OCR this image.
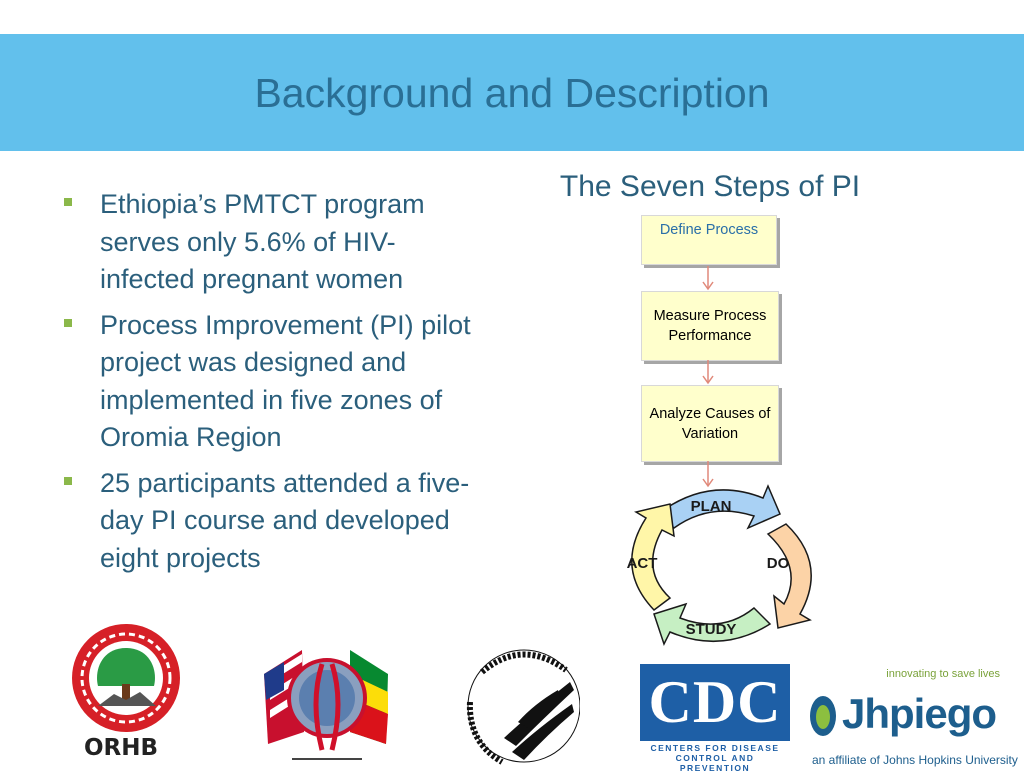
Background and Description
Ethiopia’s PMTCT program serves only 5.6% of HIV-infected pregnant women
Process Improvement (PI) pilot project was designed and implemented in five zones of Oromia Region
25 participants attended a five-day PI course and developed eight projects
The Seven Steps of PI
Define Process
Measure Process Performance
Analyze Causes of Variation
PLAN
DO
STUDY
ACT
ORHB
CDC
CENTERS FOR DISEASE
CONTROL AND PREVENTION
innovating to save lives
Jhpiego
an affiliate of Johns Hopkins University
